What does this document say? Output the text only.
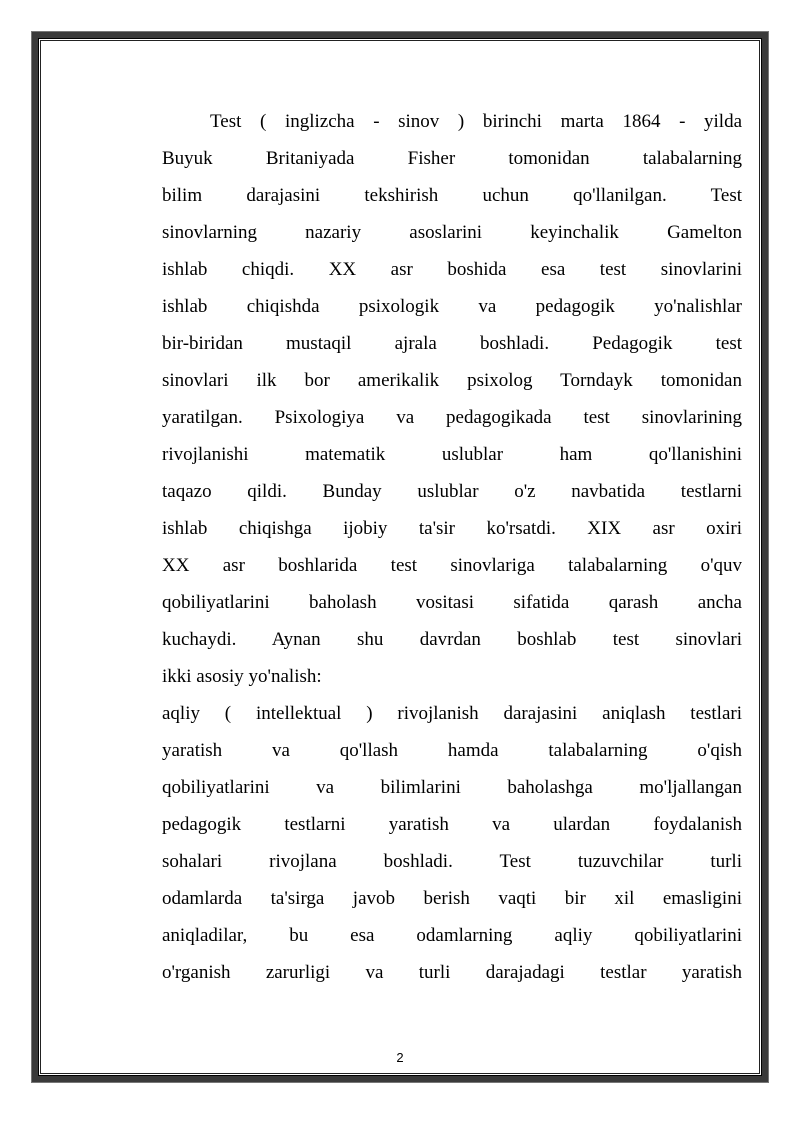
Test ( inglizcha - sinov ) birinchi marta 1864 - yilda
Buyuk Britaniyada Fisher tomonidan talabalarning
bilim darajasini tekshirish uchun qo'llanilgan. Test
sinovlarning nazariy asoslarini keyinchalik Gamelton
ishlab chiqdi. XX asr boshida esa test sinovlarini
ishlab chiqishda psixologik va pedagogik yo'nalishlar
bir-biridan mustaqil ajrala boshladi. Pedagogik test
sinovlari ilk bor amerikalik psixolog Torndayk tomonidan
yaratilgan. Psixologiya va pedagogikada test sinovlarining
rivojlanishi matematik uslublar ham qo'llanishini
taqazo qildi. Bunday uslublar o'z navbatida testlarni
ishlab chiqishga ijobiy ta'sir ko'rsatdi. XIX asr oxiri
XX asr boshlarida test sinovlariga talabalarning o'quv
qobiliyatlarini baholash vositasi sifatida qarash ancha
kuchaydi. Aynan shu davrdan boshlab test sinovlari
ikki asosiy yo'nalish:
aqliy ( intellektual ) rivojlanish darajasini aniqlash testlari
yaratish va qo'llash hamda talabalarning o'qish
qobiliyatlarini va bilimlarini baholashga mo'ljallangan
pedagogik testlarni yaratish va ulardan foydalanish
sohalari rivojlana boshladi. Test tuzuvchilar turli
odamlarda ta'sirga javob berish vaqti bir xil emasligini
aniqladilar, bu esa odamlarning aqliy qobiliyatlarini
o'rganish zarurligi va turli darajadagi testlar yaratish
2
